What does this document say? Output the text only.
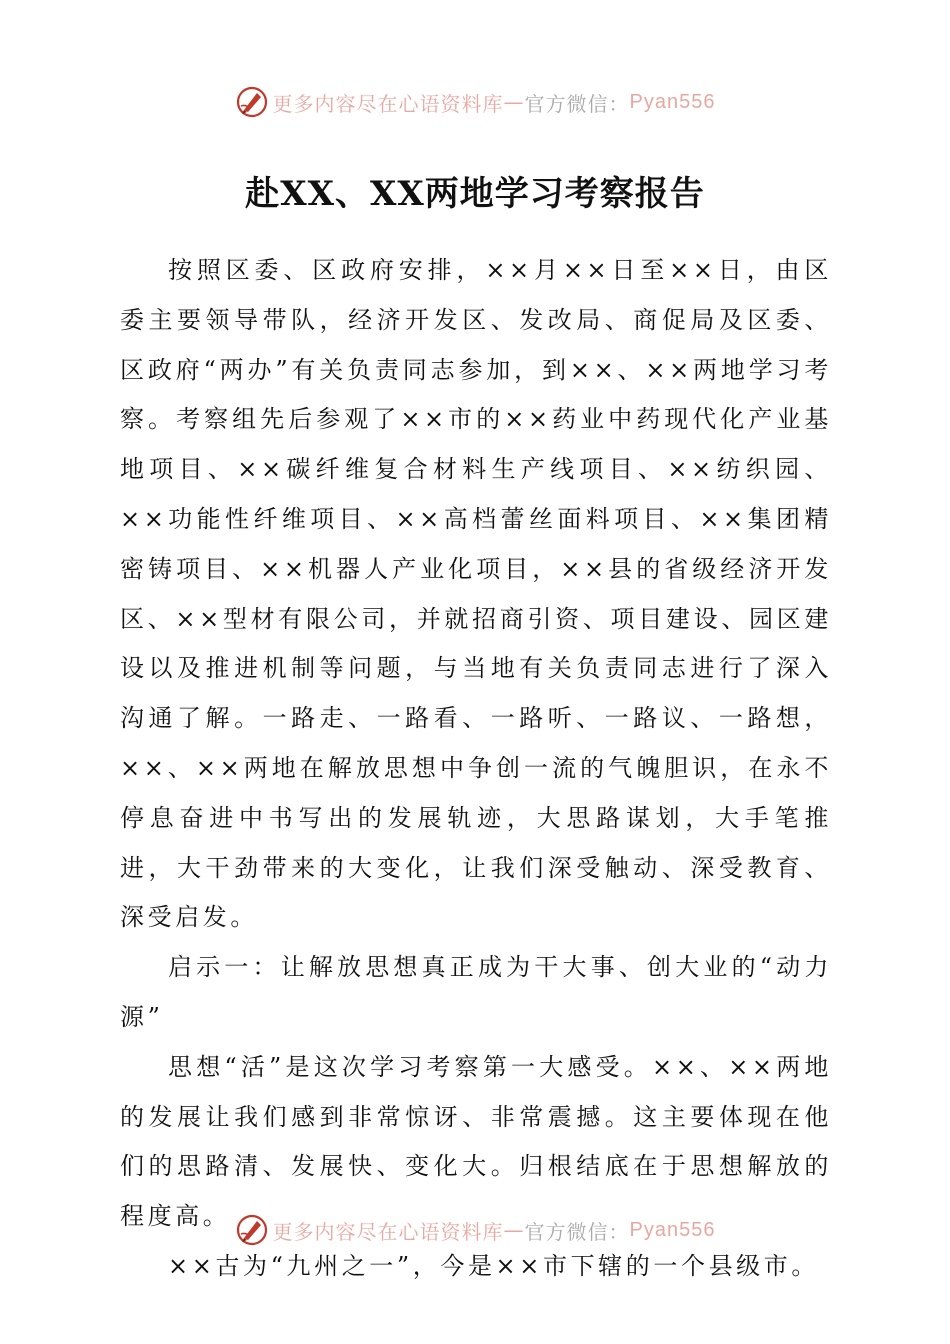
更多内容尽在心语资料库 — 官方微信： Pyan556
赴XX、XX两地学习考察报告

按照区委、区政府安排，××月××日至××日，由区委主要领导带队，经济开发区、发改局、商促局及区委、区政府“两办”有关负责同志参加，到××、××两地学习考察。考察组先后参观了××市的××药业中药现代化产业基地项目、××碳纤维复合材料生产线项目、××纺织园、××功能性纤维项目、××高档蕾丝面料项目、××集团精密铸项目、××机器人产业化项目，××县的省级经济开发区、××型材有限公司，并就招商引资、项目建设、园区建设以及推进机制等问题，与当地有关负责同志进行了深入沟通了解。一路走、一路看、一路听、一路议、一路想，××、××两地在解放思想中争创一流的气魄胆识，在永不停息奋进中书写出的发展轨迹，大思路谋划，大手笔推进，大干劲带来的大变化，让我们深受触动、深受教育、深受启发。

启示一：让解放思想真正成为干大事、创大业的“动力源”

思想“活”是这次学习考察第一大感受。××、××两地的发展让我们感到非常惊讶、非常震撼。这主要体现在他们的思路清、发展快、变化大。归根结底在于思想解放的程度高。

××古为“九州之一”，今是××市下辖的一个县级市。

更多内容尽在心语资料库 — 官方微信： Pyan556
